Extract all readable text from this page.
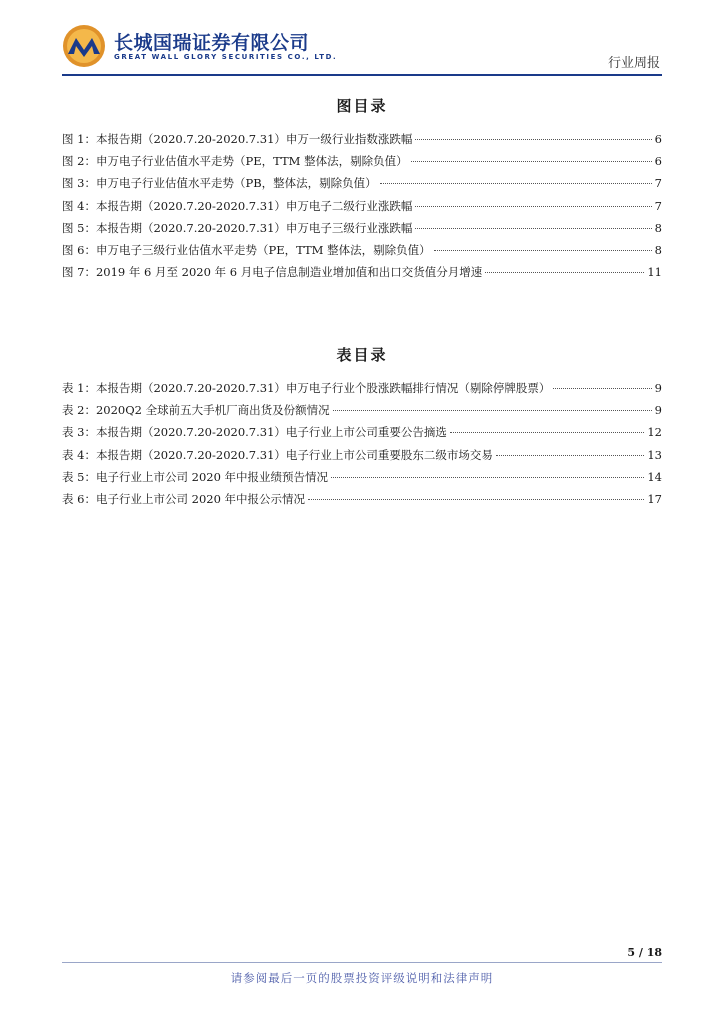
长城国瑞证券有限公司
GREAT WALL GLORY SECURITIES CO., LTD.	行业周报
图目录
图 1：本报告期（2020.7.20-2020.7.31）申万一级行业指数涨跌幅	6
图 2：申万电子行业估值水平走势（PE，TTM 整体法，剔除负值）	6
图 3：申万电子行业估值水平走势（PB，整体法，剔除负值）	7
图 4：本报告期（2020.7.20-2020.7.31）申万电子二级行业涨跌幅	7
图 5：本报告期（2020.7.20-2020.7.31）申万电子三级行业涨跌幅	8
图 6：申万电子三级行业估值水平走势（PE，TTM 整体法，剔除负值）	8
图 7：2019 年 6 月至 2020 年 6 月电子信息制造业增加值和出口交货值分月增速	11
表目录
表 1：本报告期（2020.7.20-2020.7.31）申万电子行业个股涨跌幅排行情况（剔除停牌股票）	9
表 2：2020Q2 全球前五大手机厂商出货及份额情况	9
表 3：本报告期（2020.7.20-2020.7.31）电子行业上市公司重要公告摘选	12
表 4：本报告期（2020.7.20-2020.7.31）电子行业上市公司重要股东二级市场交易	13
表 5：电子行业上市公司 2020 年中报业绩预告情况	14
表 6：电子行业上市公司 2020 年中报公示情况	17
5 / 18
请参阅最后一页的股票投资评级说明和法律声明
